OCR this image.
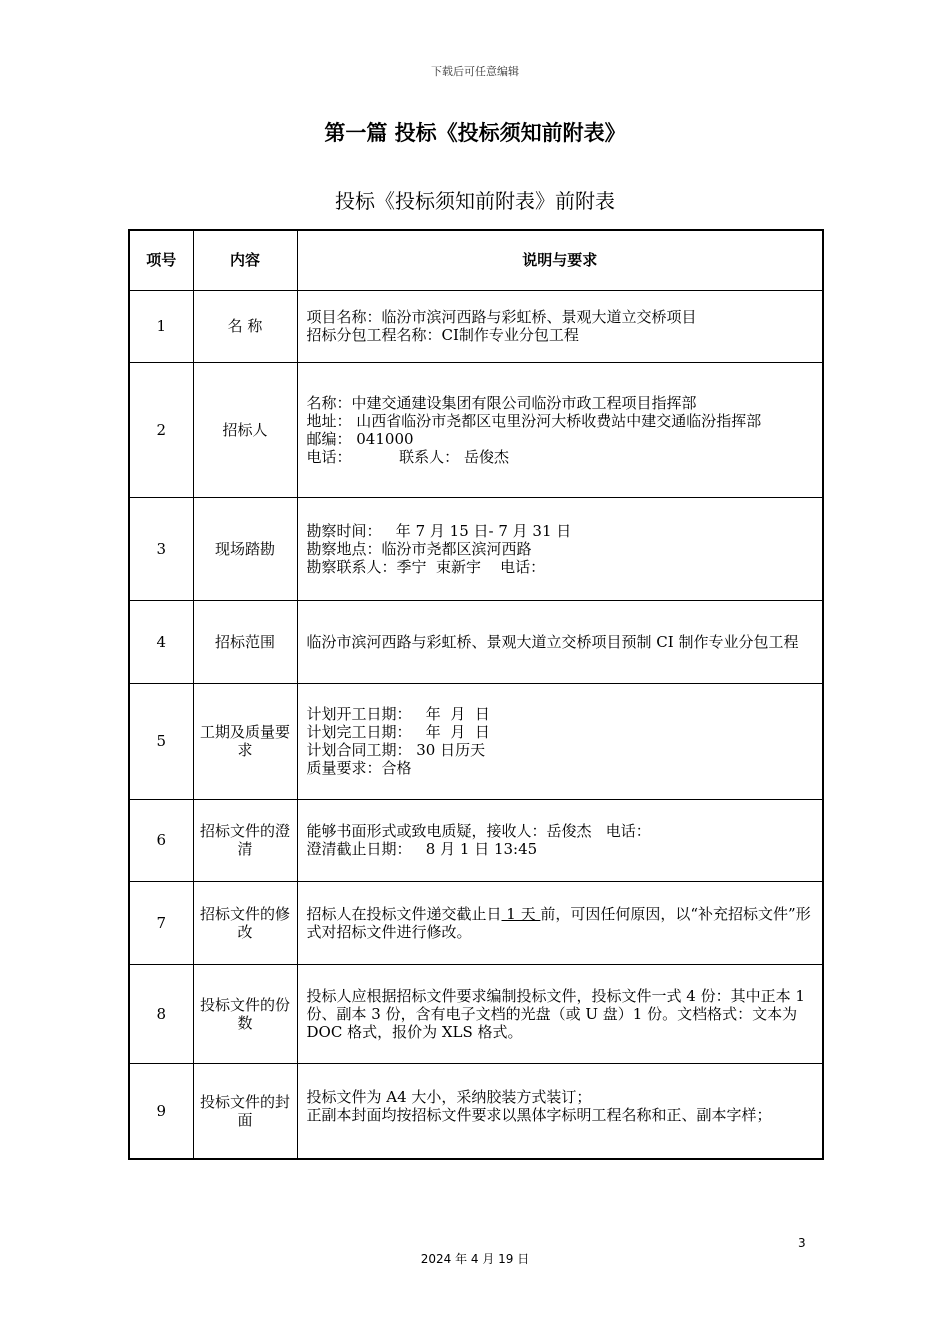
下载后可任意编辑
第一篇 投标《投标须知前附表》
投标《投标须知前附表》前附表
项号	内容	说明与要求
1	名 称	项目名称：临汾市滨河西路与彩虹桥、景观大道立交桥项目
招标分包工程名称：CI制作专业分包工程

2	招标人	名称：中建交通建设集团有限公司临汾市政工程项目指挥部
地址： 山西省临汾市尧都区屯里汾河大桥收费站中建交通临汾指挥部
邮编： 041000
电话：          联系人： 岳俊杰

3	现场踏勘	勘察时间：   年 7 月 15 日- 7 月 31 日
勘察地点：临汾市尧都区滨河西路
勘察联系人：季宁  束新宇    电话：

4	招标范围	临汾市滨河西路与彩虹桥、景观大道立交桥项目预制 CI 制作专业分包工程

5	工期及质量要求	计划开工日期：   年  月  日
计划完工日期：   年  月  日
计划合同工期： 30 日历天
质量要求：合格

6	招标文件的澄清	能够书面形式或致电质疑，接收人：岳俊杰   电话：
澄清截止日期：   8 月 1 日 13:45

7	招标文件的修改	招标人在投标文件递交截止日 1 天 前，可因任何原因，以“补充招标文件”形式对招标文件进行修改。

8	投标文件的份数	投标人应根据招标文件要求编制投标文件，投标文件一式 4 份：其中正本 1 份、副本 3 份，含有电子文档的光盘（或 U 盘）1 份。文档格式：文本为 DOC 格式，报价为 XLS 格式。

9	投标文件的封面	投标文件为 A4 大小，采纳胶装方式装订；
正副本封面均按招标文件要求以黑体字标明工程名称和正、副本字样；
3
2024 年 4 月 19 日
